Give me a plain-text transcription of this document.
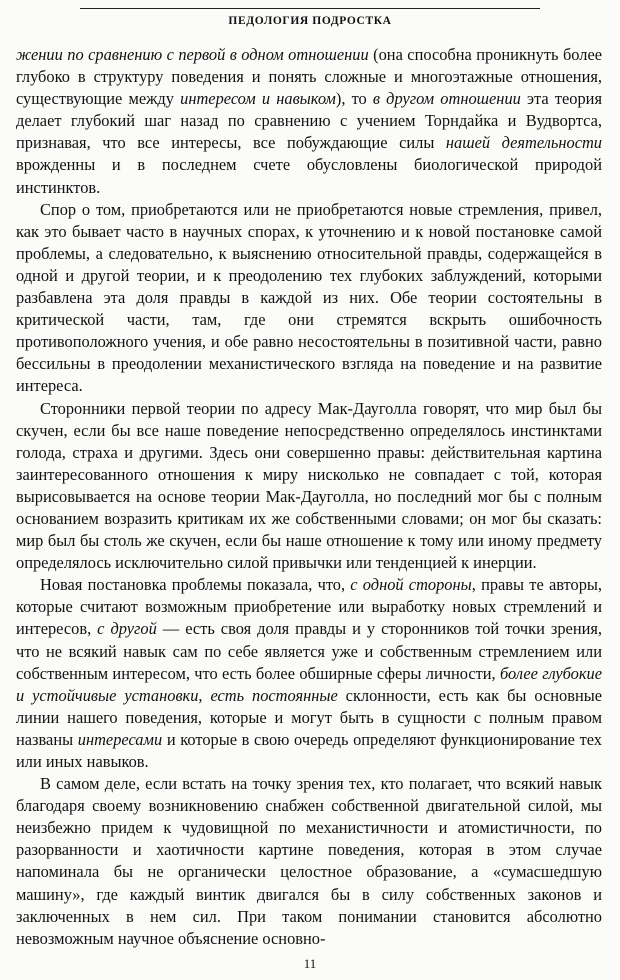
ПЕДОЛОГИЯ ПОДРОСТКА

жении по сравнению с первой в одном отношении (она способна проникнуть более глубоко в структуру поведения и понять сложные и многоэтажные отношения, существующие между интересом и навыком), то в другом отношении эта теория делает глубокий шаг назад по сравнению с учением Торндайка и Вудвортса, признавая, что все интересы, все побуждающие силы нашей деятельности врожденны и в последнем счете обусловлены биологической природой инстинктов.

Спор о том, приобретаются или не приобретаются новые стремления, привел, как это бывает часто в научных спорах, к уточнению и к новой постановке самой проблемы, а следовательно, к выяснению относительной правды, содержащейся в одной и другой теории, и к преодолению тех глубоких заблуждений, которыми разбавлена эта доля правды в каждой из них. Обе теории состоятельны в критической части, там, где они стремятся вскрыть ошибочность противоположного учения, и обе равно несостоятельны в позитивной части, равно бессильны в преодолении механистического взгляда на поведение и на развитие интереса.

Сторонники первой теории по адресу Мак-Дауголла говорят, что мир был бы скучен, если бы все наше поведение непосредственно определялось инстинктами голода, страха и другими. Здесь они совершенно правы: действительная картина заинтересованного отношения к миру нисколько не совпадает с той, которая вырисовывается на основе теории Мак-Дауголла, но последний мог бы с полным основанием возразить критикам их же собственными словами; он мог бы сказать: мир был бы столь же скучен, если бы наше отношение к тому или иному предмету определялось исключительно силой привычки или тенденцией к инерции.

Новая постановка проблемы показала, что, с одной стороны, правы те авторы, которые считают возможным приобретение или выработку новых стремлений и интересов, с другой — есть своя доля правды и у сторонников той точки зрения, что не всякий навык сам по себе является уже и собственным стремлением или собственным интересом, что есть более обширные сферы личности, более глубокие и устойчивые установки, есть постоянные склонности, есть как бы основные линии нашего поведения, которые и могут быть в сущности с полным правом названы интересами и которые в свою очередь определяют функционирование тех или иных навыков.

В самом деле, если встать на точку зрения тех, кто полагает, что всякий навык благодаря своему возникновению снабжен собственной двигательной силой, мы неизбежно придем к чудовищной по механистичности и атомистичности, по разорванности и хаотичности картине поведения, которая в этом случае напоминала бы не органически целостное образование, а «сумасшедшую машину», где каждый винтик двигался бы в силу собственных законов и заключенных в нем сил. При таком понимании становится абсолютно невозможным научное объяснение основно-

11
